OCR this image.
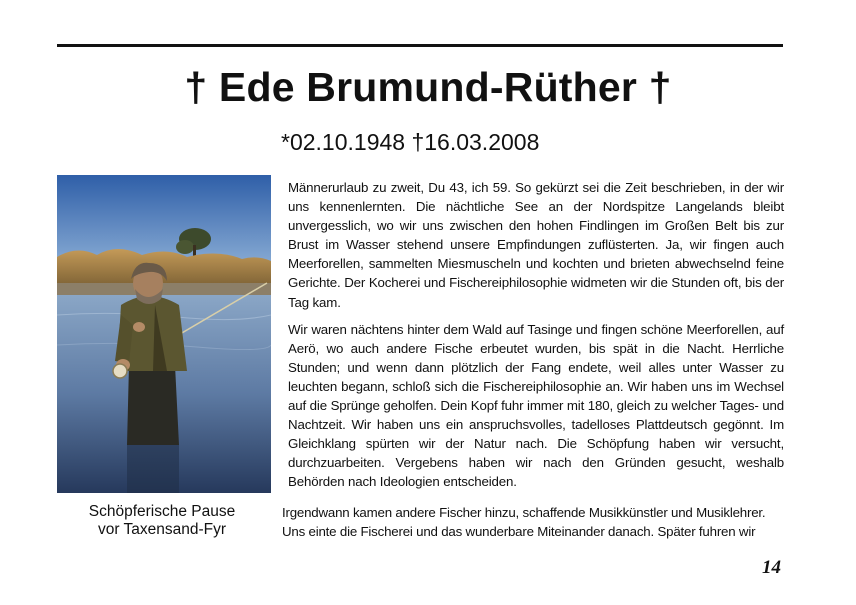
† Ede Brumund-Rüther †
*02.10.1948 †16.03.2008
Schöpferische Pause
vor Taxensand-Fyr

Männerurlaub zu zweit, Du 43, ich 59. So gekürzt sei die Zeit beschrieben, in der wir uns kennenlernten. Die nächtliche See an der Nordspitze Langelands bleibt unvergesslich, wo wir uns zwischen den hohen Findlingen im Großen Belt bis zur Brust im Wasser stehend unsere Empfindungen zuflüsterten. Ja, wir fingen auch Meerforellen, sammelten Miesmuscheln und kochten und brieten abwechselnd feine Gerichte. Der Kocherei und Fischereiphilosophie widmeten wir die Stunden oft, bis der Tag kam.

Wir waren nächtens hinter dem Wald auf Tasinge und fingen schöne Meerforellen, auf Aerö, wo auch andere Fische erbeutet wurden, bis spät in die Nacht. Herrliche Stunden; und wenn dann plötzlich der Fang endete, weil alles unter Wasser zu leuchten begann, schloß sich die Fischereiphilosophie an. Wir haben uns im Wechsel auf die Sprünge geholfen. Dein Kopf fuhr immer mit 180, gleich zu welcher Tages- und Nachtzeit. Wir haben uns ein anspruchsvolles, tadelloses Plattdeutsch gegönnt. Im Gleichklang spürten wir der Natur nach. Die Schöpfung haben wir versucht, durchzuarbeiten. Vergebens haben wir nach den Gründen gesucht, weshalb Behörden nach Ideologien entscheiden.

Irgendwann kamen andere Fischer hinzu, schaffende Musikkünstler und Musiklehrer.
Uns einte die Fischerei und das wunderbare Miteinander danach. Später fuhren wir
14
